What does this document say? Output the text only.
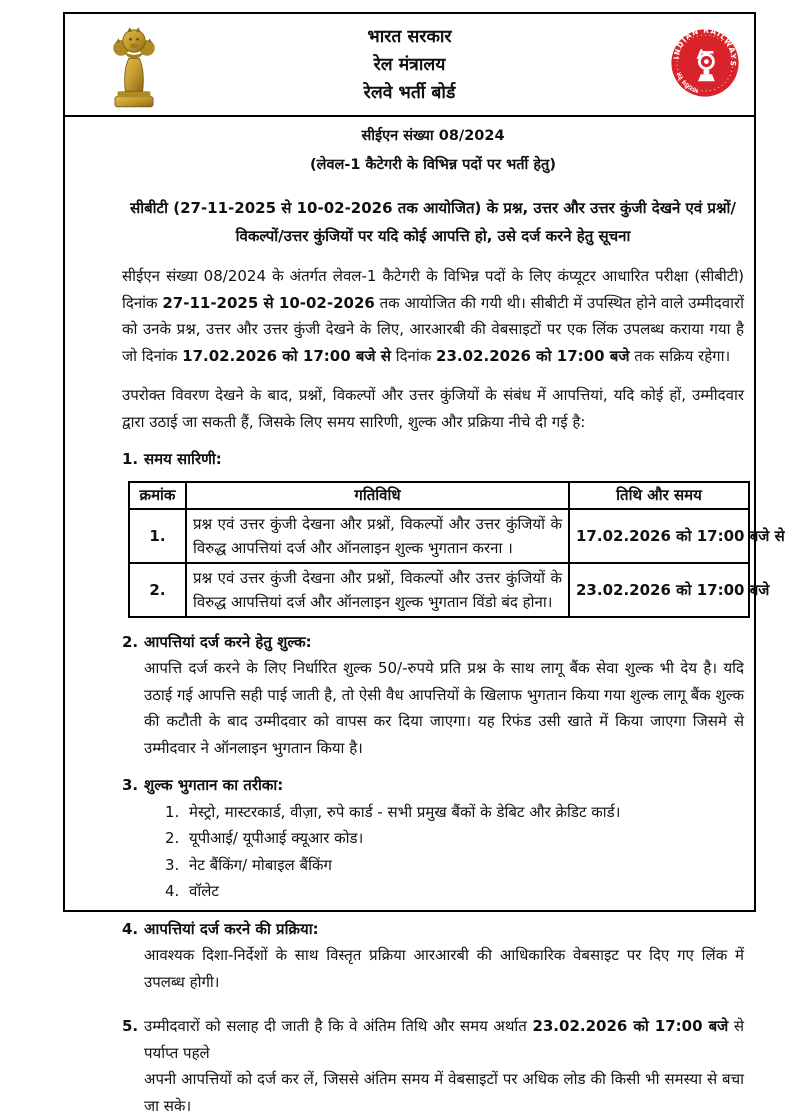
भारत सरकार
रेल मंत्रालय
रेलवे भर्ती बोर्ड
INDIAN RAILWAYS
भारतीय रेल
सीईएन संख्या 08/2024
(लेवल-1 कैटेगरी के विभिन्न पदों पर भर्ती हेतु)
सीबीटी (27-11-2025 से 10-02-2026 तक आयोजित) के प्रश्न, उत्तर और उत्तर कुंजी देखने एवं प्रश्नों/
विकल्पों/उत्तर कुंजियों पर यदि कोई आपत्ति हो, उसे दर्ज करने हेतु सूचना

सीईएन संख्या 08/2024 के अंतर्गत लेवल-1 कैटेगरी के विभिन्न पदों के लिए कंप्यूटर आधारित परीक्षा (सीबीटी) दिनांक 27-11-2025 से 10-02-2026 तक आयोजित की गयी थी। सीबीटी में उपस्थित होने वाले उम्मीदवारों को उनके प्रश्न, उत्तर और उत्तर कुंजी देखने के लिए, आरआरबी की वेबसाइटों पर एक लिंक उपलब्ध कराया गया है जो दिनांक 17.02.2026 को 17:00 बजे से दिनांक 23.02.2026 को 17:00 बजे तक सक्रिय रहेगा।

उपरोक्त विवरण देखने के बाद, प्रश्नों, विकल्पों और उत्तर कुंजियों के संबंध में आपत्तियां, यदि कोई हों, उम्मीदवार द्वारा उठाई जा सकती हैं, जिसके लिए समय सारिणी, शुल्क और प्रक्रिया नीचे दी गई है:

1. समय सारिणी:
क्रमांक	गतिविधि	तिथि और समय
1.	प्रश्न एवं उत्तर कुंजी देखना और प्रश्नों, विकल्पों और उत्तर कुंजियों के विरुद्ध आपत्तियां दर्ज और ऑनलाइन शुल्क भुगतान करना ।	17.02.2026 को 17:00 बजे से
2.	प्रश्न एवं उत्तर कुंजी देखना और प्रश्नों, विकल्पों और उत्तर कुंजियों के विरुद्ध आपत्तियां दर्ज और ऑनलाइन शुल्क भुगतान विंडो बंद होना।	23.02.2026 को 17:00 बजे
2. आपत्तियां दर्ज करने हेतु शुल्क:
आपत्ति दर्ज करने के लिए निर्धारित शुल्क 50/-रुपये प्रति प्रश्न के साथ लागू बैंक सेवा शुल्क भी देय है। यदि उठाई गई आपत्ति सही पाई जाती है, तो ऐसी वैध आपत्तियों के खिलाफ भुगतान किया गया शुल्क लागू बैंक शुल्क की कटौती के बाद उम्मीदवार को वापस कर दिया जाएगा। यह रिफंड उसी खाते में किया जाएगा जिसमे से उम्मीदवार ने ऑनलाइन भुगतान किया है।
3. शुल्क भुगतान का तरीका:
1. मेस्ट्रो, मास्टरकार्ड, वीज़ा, रुपे कार्ड - सभी प्रमुख बैंकों के डेबिट और क्रेडिट कार्ड।
2. यूपीआई/ यूपीआई क्यूआर कोड।
3. नेट बैंकिंग/ मोबाइल बैंकिंग
4. वॉलेट
4. आपत्तियां दर्ज करने की प्रक्रिया:
आवश्यक दिशा-निर्देशों के साथ विस्तृत प्रक्रिया आरआरबी की आधिकारिक वेबसाइट पर दिए गए लिंक में उपलब्ध होगी।
5. उम्मीदवारों को सलाह दी जाती है कि वे अंतिम तिथि और समय अर्थात 23.02.2026 को 17:00 बजे से पर्याप्त पहले
अपनी आपत्तियों को दर्ज कर लें, जिससे अंतिम समय में वेबसाइटों पर अधिक लोड की किसी भी समस्या से बचा जा सके।
